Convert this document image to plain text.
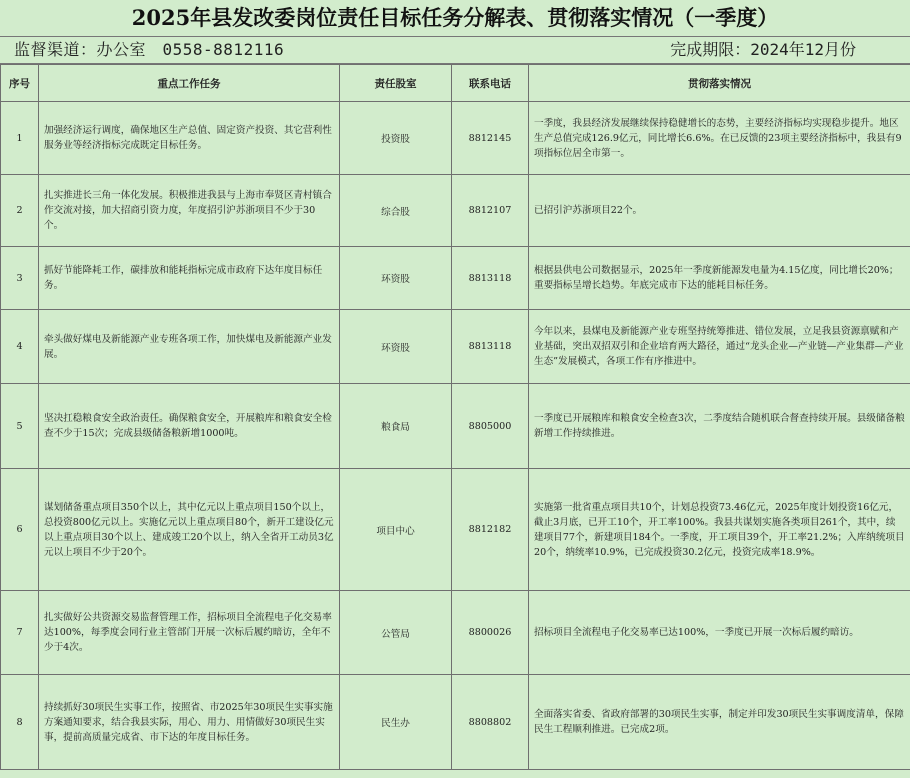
2025年县发改委岗位责任目标任务分解表、贯彻落实情况（一季度）
监督渠道：办公室　0558-8812116	完成期限：2024年12月份
序号	重点工作任务	责任股室	联系电话	贯彻落实情况
1	加强经济运行调度，确保地区生产总值、固定资产投资、其它营利性服务业等经济指标完成既定目标任务。	投资股	8812145	一季度，我县经济发展继续保持稳健增长的态势，主要经济指标均实现稳步提升。地区生产总值完成126.9亿元，同比增长6.6%。在已反馈的23项主要经济指标中，我县有9项指标位居全市第一。
2	扎实推进长三角一体化发展。积极推进我县与上海市奉贤区青村镇合作交流对接，加大招商引资力度，年度招引沪苏浙项目不少于30个。	综合股	8812107	已招引沪苏浙项目22个。
3	抓好节能降耗工作，碳排放和能耗指标完成市政府下达年度目标任务。	环资股	8813118	根据县供电公司数据显示，2025年一季度新能源发电量为4.15亿度，同比增长20%；重要指标呈增长趋势。年底完成市下达的能耗目标任务。
4	牵头做好煤电及新能源产业专班各项工作，加快煤电及新能源产业发展。	环资股	8813118	今年以来，县煤电及新能源产业专班坚持统筹推进、错位发展，立足我县资源禀赋和产业基础，突出双招双引和企业培育两大路径，通过“龙头企业—产业链—产业集群—产业生态”发展模式，各项工作有序推进中。
5	坚决扛稳粮食安全政治责任。确保粮食安全，开展粮库和粮食安全检查不少于15次；完成县级储备粮新增1000吨。	粮食局	8805000	一季度已开展粮库和粮食安全检查3次，二季度结合随机联合督查持续开展。县级储备粮新增工作持续推进。
6	谋划储备重点项目350个以上，其中亿元以上重点项目150个以上，总投资800亿元以上。实施亿元以上重点项目80个，新开工建设亿元以上重点项目30个以上、建成竣工20个以上，纳入全省开工动员3亿元以上项目不少于20个。	项目中心	8812182	实施第一批省重点项目共10个，计划总投资73.46亿元，2025年度计划投资16亿元，截止3月底，已开工10个，开工率100%。我县共谋划实施各类项目261个，其中，续建项目77个，新建项目184个。一季度，开工项目39个，开工率21.2%；入库纳统项目20个，纳统率10.9%，已完成投资30.2亿元，投资完成率18.9%。
7	扎实做好公共资源交易监督管理工作，招标项目全流程电子化交易率达100%，每季度会同行业主管部门开展一次标后履约暗访，全年不少于4次。	公管局	8800026	招标项目全流程电子化交易率已达100%，一季度已开展一次标后履约暗访。
8	持续抓好30项民生实事工作，按照省、市2025年30项民生实事实施方案通知要求，结合我县实际，用心、用力、用情做好30项民生实事，提前高质量完成省、市下达的年度目标任务。	民生办	8808802	全面落实省委、省政府部署的30项民生实事，制定并印发30项民生实事调度清单，保障民生工程顺利推进。已完成2项。
